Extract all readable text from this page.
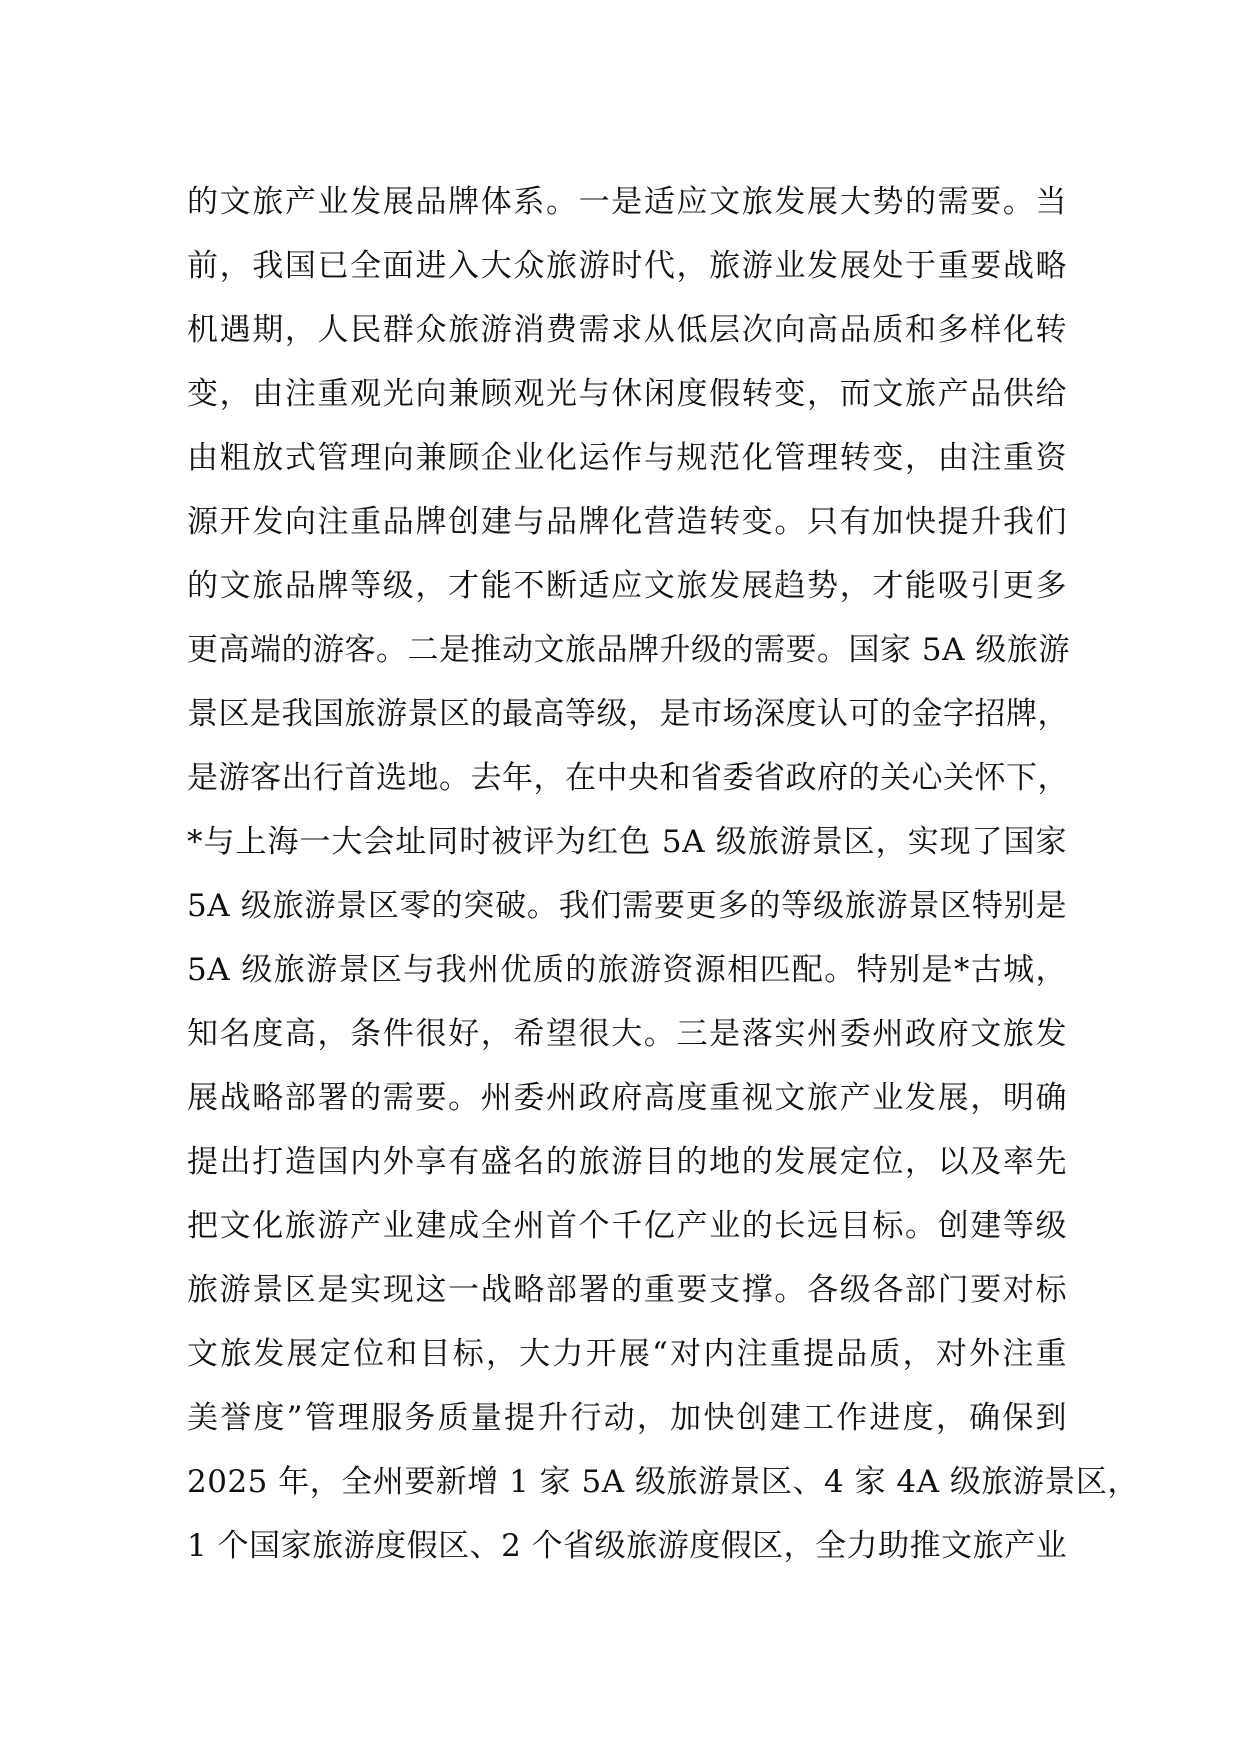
的文旅产业发展品牌体系。一是适应文旅发展大势的需要。当
前，我国已全面进入大众旅游时代，旅游业发展处于重要战略
机遇期，人民群众旅游消费需求从低层次向高品质和多样化转
变，由注重观光向兼顾观光与休闲度假转变，而文旅产品供给
由粗放式管理向兼顾企业化运作与规范化管理转变，由注重资
源开发向注重品牌创建与品牌化营造转变。只有加快提升我们
的文旅品牌等级，才能不断适应文旅发展趋势，才能吸引更多
更高端的游客。二是推动文旅品牌升级的需要。国家 5A 级旅游
景区是我国旅游景区的最高等级，是市场深度认可的金字招牌，
是游客出行首选地。去年，在中央和省委省政府的关心关怀下，
*与上海一大会址同时被评为红色 5A 级旅游景区，实现了国家
5A 级旅游景区零的突破。我们需要更多的等级旅游景区特别是
5A 级旅游景区与我州优质的旅游资源相匹配。特别是*古城，
知名度高，条件很好，希望很大。三是落实州委州政府文旅发
展战略部署的需要。州委州政府高度重视文旅产业发展，明确
提出打造国内外享有盛名的旅游目的地的发展定位，以及率先
把文化旅游产业建成全州首个千亿产业的长远目标。创建等级
旅游景区是实现这一战略部署的重要支撑。各级各部门要对标
文旅发展定位和目标，大力开展“对内注重提品质，对外注重
美誉度”管理服务质量提升行动，加快创建工作进度，确保到
2025 年，全州要新增 1 家 5A 级旅游景区、4 家 4A 级旅游景区，
1 个国家旅游度假区、2 个省级旅游度假区，全力助推文旅产业
